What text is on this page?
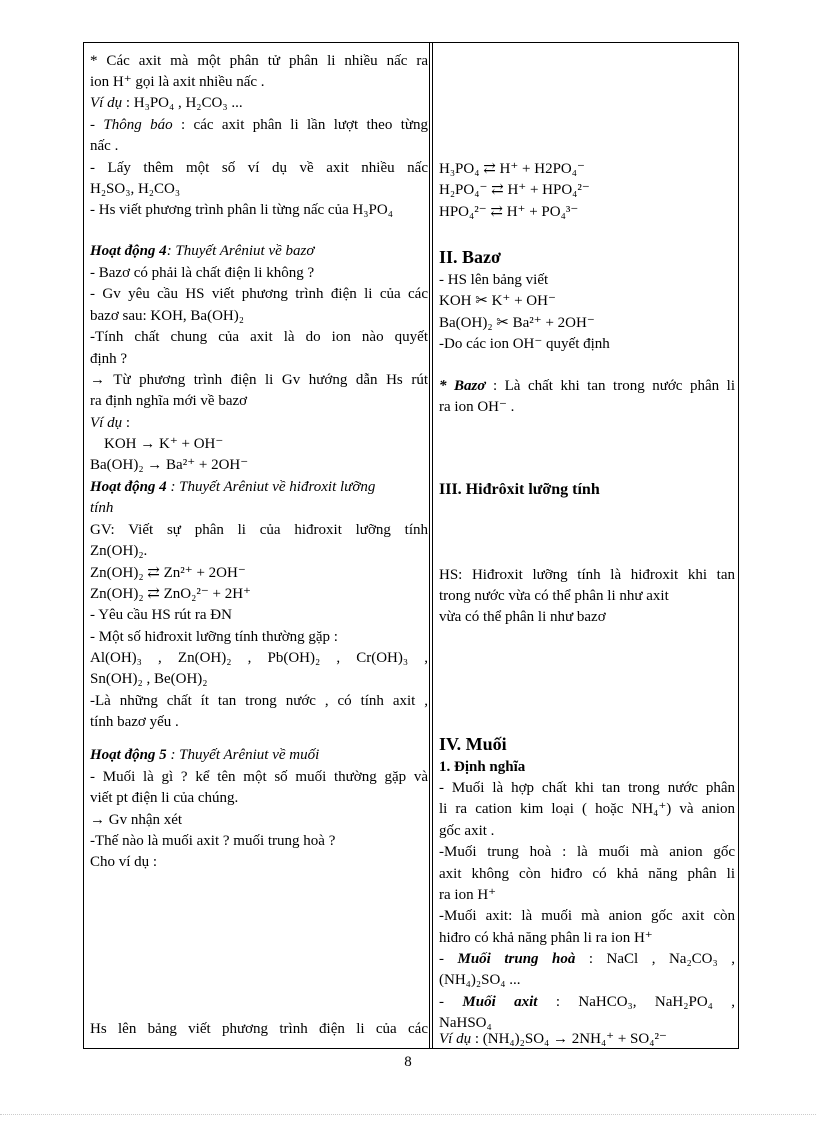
* Các axit mà một phân tử phân li nhiều nấc ra
ion H⁺ gọi là axit nhiều nấc .
Ví dụ : H₃PO₄ , H₂CO₃ ...
- Thông báo : các axit phân li lần lượt theo từng
nấc .
- Lấy thêm một số ví dụ về axit nhiều nấc
H₂SO₃, H₂CO₃
- Hs viết phương trình phân li từng nấc của H₃PO₄
Hoạt động 4: Thuyết Arêniut về bazơ
- Bazơ có phải là chất điện li không ?
- Gv yêu cầu HS viết phương trình điện li của các
bazơ sau: KOH, Ba(OH)₂
-Tính chất chung của axit là do ion nào quyết
định ?
→ Từ phương trình điện li Gv hướng dẫn Hs rút
ra định nghĩa mới về bazơ
Ví dụ :
KOH → K⁺ + OH⁻
Ba(OH)₂ → Ba²⁺ + 2OH⁻
Hoạt động 4 : Thuyết Arêniut về hiđroxit lưỡng
tính
GV: Viết sự phân li của hiđroxit lưỡng tính
Zn(OH)₂.
Zn(OH)₂ ⇄ Zn²⁺ + 2OH⁻
Zn(OH)₂ ⇄ ZnO₂²⁻ + 2H⁺
- Yêu cầu HS rút ra ĐN
- Một số hiđroxit lưỡng tính thường gặp :
Al(OH)₃ , Zn(OH)₂ , Pb(OH)₂ , Cr(OH)₃ ,
Sn(OH)₂ , Be(OH)₂
-Là những chất ít tan trong nước , có tính axit ,
tính bazơ yếu .
Hoạt động 5 : Thuyết Arêniut về muối
- Muối là gì ? kể tên một số muối thường gặp và
viết pt điện li của chúng.
→ Gv nhận xét
-Thế nào là muối axit ? muối trung hoà ?
Cho ví dụ :
Hs lên bảng viết phương trình điện li của các
H₃PO₄ ⇄ H⁺ + H2PO₄⁻
H₂PO₄⁻ ⇄ H⁺ + HPO₄²⁻
HPO₄²⁻ ⇄ H⁺ + PO₄³⁻
II. Bazơ
- HS lên bảng viết
KOH ✂ K⁺ + OH⁻
Ba(OH)₂ ✂ Ba²⁺ + 2OH⁻
-Do các ion OH⁻ quyết định
* Bazơ : Là chất khi tan trong nước phân li
ra ion OH⁻ .
III. Hiđrôxit lưỡng tính
HS: Hiđroxit lưỡng tính là hiđroxit khi tan
trong nước vừa có thể phân li như axit
vừa có thể phân li như bazơ
IV. Muối
1. Định nghĩa
- Muối là hợp chất khi tan trong nước phân
li ra cation kim loại ( hoặc NH₄⁺) và anion
gốc axit .
-Muối trung hoà : là muối mà anion gốc
axit không còn hiđro có khả năng phân li
ra ion H⁺
-Muối axit: là muối mà anion gốc axit còn
hiđro có khả năng phân li ra ion H⁺
- Muối trung hoà : NaCl , Na₂CO₃ ,
(NH₄)₂SO₄ ...
- Muối axit : NaHCO₃, NaH₂PO₄ ,
NaHSO₄
Ví dụ : (NH₄)₂SO₄ → 2NH₄⁺ + SO₄²⁻
8
